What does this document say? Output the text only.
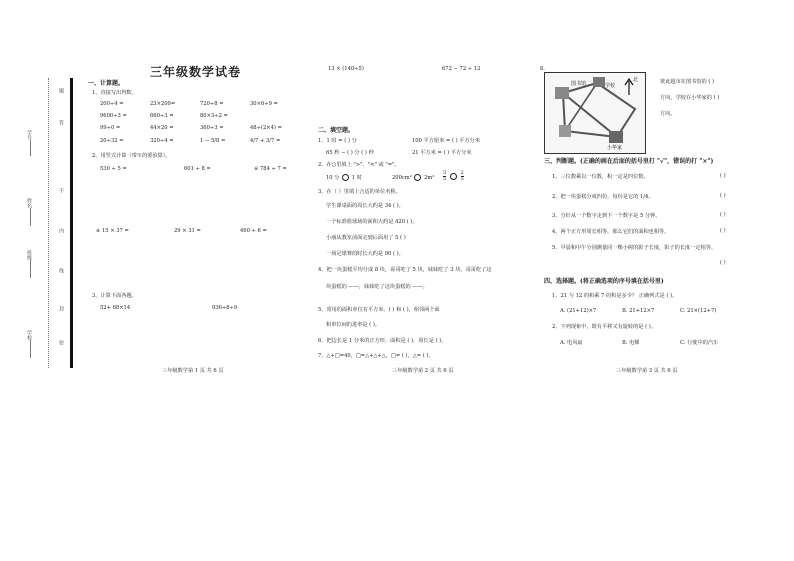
学号
姓名
班级
学校
题
答
不
内
线
封
密
三年级数学试卷
一、计算题。
1、直接写出得数。
200÷4 =	23×200=	720÷8 =	30×6÷9 =
9600÷3 =	660÷3 =	80×3÷2 =
99÷0 =	44×20 =	360÷3 =	48÷(2×4) =
20÷32 =	320÷4 =	1 − 5/8 =	4/7 + 3/7 =
2、用竖式计算（带※的要验算）。
530 ÷ 5 =	601 ÷ 8 =	※ 784 ÷ 7 =
※ 15 × 37 =	29 × 31 =	460 ÷ 6 =
3、计算下面各题。
52+ 68×14	936÷8÷9
三年级数学第 1 页 共 6 页
13 × (140÷5)	672 − 72 ÷ 12
二、填空题。
1、1 时 = ( ) 分	100 平方厘米 = ( ) 平方分米
65 秒 − ( ) 分 ( ) 秒	21 平方米 = ( ) 平方分米
2、在○里填上 ">"、"<" 或 "="。
10 分 1 时	200cm² $2m^2 \frac{3}{5}$
	$\frac{2}{5}$
3、在（ ）里填上合适的单位名称。
学生课桌面的周长大约是 34 ( )。
一个标准篮球场的面积大约是 420 ( )。
小丽从教室前面走到后面用了 5 ( )
一场足球赛的时长大约是 90 ( )。
4、把一块蛋糕平均分成 8 块，哥哥吃了 5 块，妹妹吃了 3 块，哥哥吃了这
块蛋糕的 ——，妹妹吃了这块蛋糕的 ——。
5、常用的面积单位有平方米、( ) 和 ( )，相邻两个面
积单位间的进率是 ( )。
6、把边长是 1 分米的正方形，面积是 ( )，周长是 ( )。
7、△+□=40，□=△+△+△，□= ( )，△= ( )。
三年级数学第 2 页 共 6 页
8.
图书馆	学校
北
小华家
彼此超市在图书馆的 ( )
方向，学校在小华家的 ( )
方向。
三、判断题。(正确的画在后面的括号里打 "√"，错误的打 "×")
1、三位数乘以一位数，积一定是四位数。	( )
2、把一块蛋糕分成四份，每份是它的 1/4。	( )
3、分针从一个数字走到下一个数字是 5 分钟。	( )
4、两个正方形周长相等，那么它们的面积也相等。	( )
5、早晨和中午分别测量同一棵小树的影子长度，影子的长度一定相等。
( )
四、选择题。(将正确选项的序号填在括号里)
1、21 与 12 的和乘 7 的积是多少？ 正确列式是 ( )。
A. (21+12)×7	B. 21+12×7	C. 21×(12+7)
2、下列现象中，既有平移又有旋转的是 ( )。
A. 电风扇	B. 电梯	C. 行驶中的汽车
三年级数学第 3 页 共 6 页
